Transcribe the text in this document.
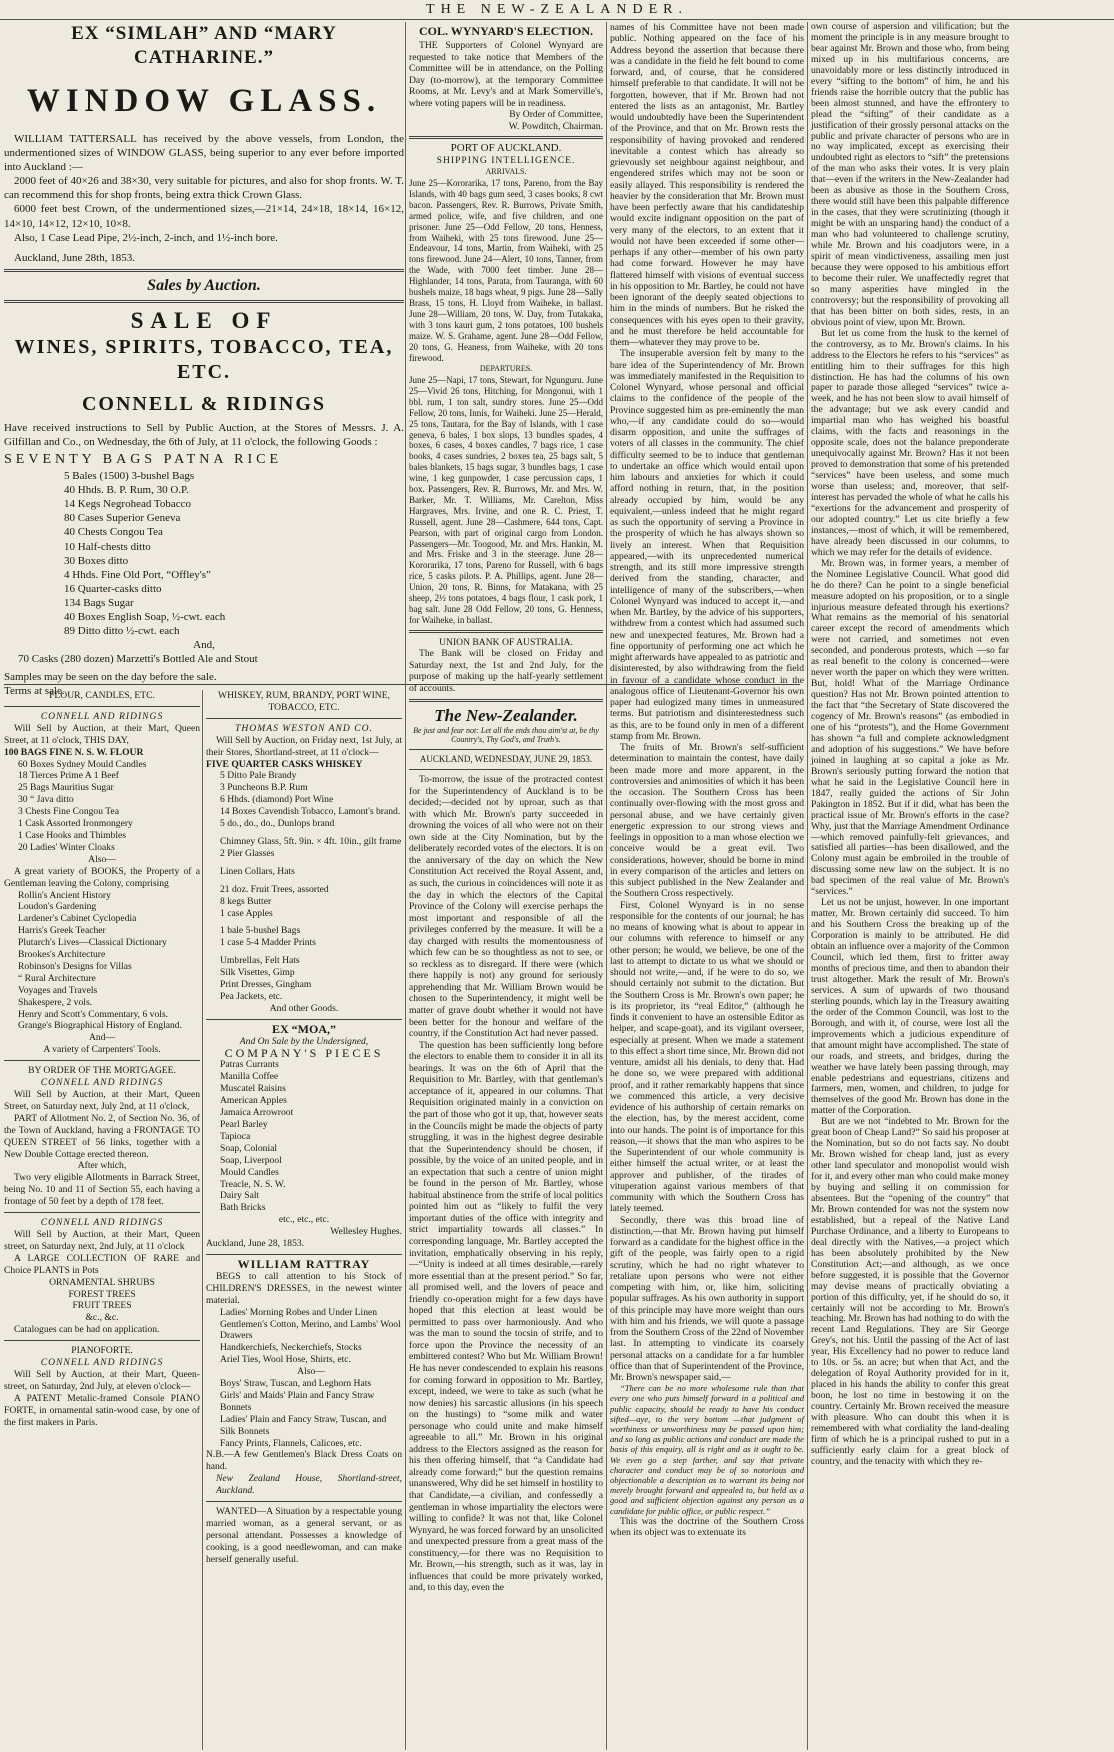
THE NEW-ZEALANDER.
EX “SIMLAH” AND “MARY CATHARINE.”
WINDOW GLASS.
WILLIAM TATTERSALL has received by the above vessels, from London, the undermentioned sizes of WINDOW GLASS, being superior to any ever before imported into Auckland :—
2000 feet of 40×26 and 38×30, very suitable for pictures, and also for shop fronts. W. T. can recommend this for shop fronts, being extra thick Crown Glass.
6000 feet best Crown, of the undermentioned sizes,—21×14, 24×18, 18×14, 16×12, 14×10, 14×12, 12×10, 10×8.
Also, 1 Case Lead Pipe, 2½-inch, 2-inch, and 1½-inch bore.
Auckland, June 28th, 1853.
Sales by Auction.
SALE OF
WINES, SPIRITS, TOBACCO, TEA, ETC.
CONNELL & RIDINGS
Have received instructions to Sell by Public Auction, at the Stores of Messrs. J. A. Gilfillan and Co., on Wednesday, the 6th of July, at 11 o'clock, the following Goods :
SEVENTY BAGS PATNA RICE
5 Bales (1500) 3-bushel Bags
40 Hhds. B. P. Rum, 30 O.P.
14 Kegs Negrohead Tobacco
80 Cases Superior Geneva
40 Chests Congou Tea
10 Half-chests ditto
30 Boxes ditto
4 Hhds. Fine Old Port, “Offley's”
16 Quarter-casks ditto
134 Bags Sugar
40 Boxes English Soap, ½-cwt. each
89 Ditto ditto ½-cwt. each
And,
70 Casks (280 dozen) Marzetti's Bottled Ale and Stout
Samples may be seen on the day before the sale.
Terms at sale.
FLOUR, CANDLES, ETC.
CONNELL AND RIDINGS
Will Sell by Auction, at their Mart, Queen Street, at 11 o'clock, THIS DAY,
100 BAGS FINE N. S. W. FLOUR
60 Boxes Sydney Mould Candles
18 Tierces Prime A 1 Beef
25 Bags Mauritius Sugar
30 “ Java ditto
3 Chests Fine Congou Tea
1 Cask Assorted Ironmongery
1 Case Hooks and Thimbles
20 Ladies' Winter Cloaks
Also—
A great variety of BOOKS, the Property of a Gentleman leaving the Colony, comprising
Rollin's Ancient History
Loudon's Gardening
Lardener's Cabinet Cyclopedia
Harris's Greek Teacher
Plutarch's Lives—Classical Dictionary
Brookes's Architecture
Robinson's Designs for Villas
“ Rural Architecture
Voyages and Travels
Shakespere, 2 vols.
Henry and Scott's Commentary, 6 vols.
Grange's Biographical History of England.
And—
A variety of Carpenters' Tools.
BY ORDER OF THE MORTGAGEE.
CONNELL AND RIDINGS
Will Sell by Auction, at their Mart, Queen Street, on Saturday next, July 2nd, at 11 o'clock,
PART of Allotment No. 2, of Section No. 36, of the Town of Auckland, having a FRONTAGE TO QUEEN STREET of 56 links, together with a New Double Cottage erected thereon.
After which,
Two very eligible Allotments in Barrack Street, being No. 10 and 11 of Section 55, each having a frontage of 50 feet by a depth of 178 feet.
CONNELL AND RIDINGS
Will Sell by Auction, at their Mart, Queen street, on Saturday next, 2nd July, at 11 o'clock
A LARGE COLLECTION OF RARE and Choice PLANTS in Pots
ORNAMENTAL SHRUBS
FOREST TREES
FRUIT TREES
&c., &c.
Catalogues can be had on application.
PIANOFORTE.
CONNELL AND RIDINGS
Will Sell by Auction, at their Mart, Queen-street, on Saturday, 2nd July, at eleven o'clock—
A PATENT Metalic-framed Console PIANO FORTE, in ornamental satin-wood case, by one of the first makers in Paris.
WHISKEY, RUM, BRANDY, PORT WINE, TOBACCO, ETC.
THOMAS WESTON AND CO.
Will Sell by Auction, on Friday next, 1st July, at their Stores, Shortland-street, at 11 o'clock—
FIVE QUARTER CASKS WHISKEY
5 Ditto Pale Brandy
3 Puncheons B.P. Rum
6 Hhds. (diamond) Port Wine
14 Boxes Cavendish Tobacco, Lamont's brand.
5 do., do., do., Dunlops brand
Chimney Glass, 5ft. 9in. × 4ft. 10in., gilt frame
2 Pier Glasses
Linen Collars, Hats
21 doz. Fruit Trees, assorted
8 kegs Butter
1 case Apples
1 bale 5-bushel Bags
1 case 5-4 Madder Prints
Umbrellas, Felt Hats
Silk Visettes, Gimp
Print Dresses, Gingham
Pea Jackets, etc.
And other Goods.
EX “MOA,”
And On Sale by the Undersigned,
COMPANY'S PIECES
Patras Currants
Manilla Coffee
Muscatel Raisins
American Apples
Jamaica Arrowroot
Pearl Barley
Tapioca
Soap, Colonial
Soap, Liverpool
Mould Candles
Treacle, N. S. W.
Dairy Salt
Bath Bricks
etc., etc., etc.
Wellesley Hughes.
Auckland, June 28, 1853.
WILLIAM RATTRAY
BEGS to call attention to his Stock of CHILDREN'S DRESSES, in the newest winter material.
Ladies' Morning Robes and Under Linen
Gentlemen's Cotton, Merino, and Lambs' Wool Drawers
Handkerchiefs, Neckerchiefs, Stocks
Ariel Ties, Wool Hose, Shirts, etc.
Also—
Boys' Straw, Tuscan, and Leghorn Hats
Girls' and Maids' Plain and Fancy Straw Bonnets
Ladies' Plain and Fancy Straw, Tuscan, and Silk Bonnets
Fancy Prints, Flannels, Calicoes, etc.
N.B.—A few Gentlemen's Black Dress Coats on hand.
New Zealand House, Shortland-street, Auckland.
WANTED—A Situation by a respectable young married woman, as a general servant, or as personal attendant. Possesses a knowledge of cooking, is a good needlewoman, and can make herself generally useful.
COL. WYNYARD'S ELECTION.
THE Supporters of Colonel Wynyard are requested to take notice that Members of the Committee will be in attendance, on the Polling Day (to-morrow), at the temporary Committee Rooms, at Mr. Levy's and at Mark Somerville's, where voting papers will be in readiness.
By Order of Committee,
W. Powditch, Chairman.
PORT OF AUCKLAND.
SHIPPING INTELLIGENCE.
ARRIVALS.
June 25—Kororarika, 17 tons, Pareno, from the Bay Islands, with 40 bags gum seed, 3 cases books, 8 cwt bacon. Passengers, Rev. R. Burrows, Private Smith, armed police, wife, and five children, and one prisoner. June 25—Odd Fellow, 20 tons, Henness, from Waiheki, with 25 tons firewood. June 25—Endeavour, 14 tons, Martin, from Waiheki, with 25 tons firewood. June 24—Alert, 10 tons, Tanner, from the Wade, with 7000 feet timber. June 28—Highlander, 14 tons, Parata, from Tauranga, with 60 bushels maize, 18 bags wheat, 9 pigs. June 28—Sally Brass, 15 tons, H. Lloyd from Waiheke, in ballast. June 28—William, 20 tons, W. Day, from Tutakaka, with 3 tons kauri gum, 2 tons potatoes, 100 bushels maize. W. S. Grahame, agent. June 28—Odd Fellow, 20 tons, G. Heaness, from Waiheke, with 20 tons firewood.
DEPARTURES.
June 25—Napi, 17 tons, Stewart, for Ngunguru. June 25—Vivid 26 tons, Hitching, for Mongonui, with 1 bbl. rum, 1 ton salt, sundry stores. June 25—Odd Fellow, 20 tons, Innis, for Waiheki. June 25—Herald, 25 tons, Tautara, for the Bay of Islands, with 1 case geneva, 6 bales, 1 box slops, 13 bundles spades, 4 boxes, 6 cases, 4 boxes candles, 7 bags rice, 1 case books, 4 cases sundries, 2 boxes tea, 25 bags salt, 5 bales blankets, 15 bags sugar, 3 bundles bags, 1 case wine, 1 keg gunpowder, 1 case percussion caps, 1 box. Passengers, Rev. R. Burrows, Mr. and Mrs. W. Barker, Mr. T. Williams, Mr. Carelton, Miss Hargraves, Mrs. Irvine, and one R. C. Priest, T. Russell, agent. June 28—Cashmere, 644 tons, Capt. Pearson, with part of original cargo from London. Passengers—Mr. Toogood, Mr. and Mrs. Hankin, M. and Mrs. Friske and 3 in the steerage. June 28—Kororarika, 17 tons, Pareno for Russell, with 6 bags rice, 5 casks pilots. P. A. Phillips, agent. June 28—Union, 20 tons, R. Binns, for Matakana, with 25 sheep, 2½ tons potatoes, 4 bags flour, 1 cask pork, 1 bag salt. June 28 Odd Fellow, 20 tons, G. Henness, for Waiheke, in ballast.
UNION BANK OF AUSTRALIA.
The Bank will be closed on Friday and Saturday next, the 1st and 2nd July, for the purpose of making up the half-yearly settlement of accounts.
The New-Zealander.
Be just and fear not: Let all the ends thou aim'st at, be thy Country's, Thy God's, and Truth's.
AUCKLAND, WEDNESDAY, JUNE 29, 1853.
To-morrow, the issue of the protracted contest for the Superintendency of Auckland is to be decided;—decided not by uproar, such as that with which Mr. Brown's party succeeded in drowning the voices of all who were not on their own side at the City Nomination, but by the deliberately recorded votes of the electors. It is on the anniversary of the day on which the New Constitution Act received the Royal Assent, and, as such, the curious in coincidences will note it as the day in which the electors of the Capital Province of the Colony will exercise perhaps the most important and responsible of all the privileges conferred by the measure. It will be a day charged with results the momentousness of which few can be so thoughtless as not to see, or so reckless as to disregard. If there were (which there happily is not) any ground for seriously apprehending that Mr. William Brown would be chosen to the Superintendency, it might well be matter of grave doubt whether it would not have been better for the honour and welfare of the country, if the Constitution Act had never passed.
The question has been sufficiently long before the electors to enable them to consider it in all its bearings. It was on the 6th of April that the Requisition to Mr. Bartley, with that gentleman's acceptance of it, appeared in our columns. That Requisition originated mainly in a conviction on the part of those who got it up, that, however seats in the Councils might be made the objects of party struggling, it was in the highest degree desirable that the Superintendency should be chosen, if possible, by the voice of an united people, and in an expectation that such a centre of union might be found in the person of Mr. Bartley, whose habitual abstinence from the strife of local politics pointed him out as “likely to fulfil the very important duties of the office with integrity and strict impartiality towards all classes.” In corresponding language, Mr. Bartley accepted the invitation, emphatically observing in his reply,—“Unity is indeed at all times desirable,—rarely more essential than at the present period.” So far, all promised well, and the lovers of peace and friendly co-operation might for a few days have hoped that this election at least would be permitted to pass over harmoniously. And who was the man to sound the tocsin of strife, and to force upon the Province the necessity of an embittered contest? Who but Mr. William Brown! He has never condescended to explain his reasons for coming forward in opposition to Mr. Bartley, except, indeed, we were to take as such (what he now denies) his sarcastic allusions (in his speech on the hustings) to “some milk and water personage who could unite and make himself agreeable to all.” Mr. Brown in his original address to the Electors assigned as the reason for his then offering himself, that “a Candidate had already come forward;” but the question remains unanswered, Why did he set himself in hostility to that Candidate,—a civilian, and confessedly a gentleman in whose impartiality the electors were willing to confide? It was not that, like Colonel Wynyard, he was forced forward by an unsolicited and unexpected pressure from a great mass of the constituency,—for there was no Requisition to Mr. Brown,—his strength, such as it was, lay in influences that could be more privately worked, and, to this day, even the
names of his Committee have not been made public. Nothing appeared on the face of his Address beyond the assertion that because there was a candidate in the field he felt bound to come forward, and, of course, that he considered himself preferable to that candidate. It will not be forgotten, however, that if Mr. Brown had not entered the lists as an antagonist, Mr. Bartley would undoubtedly have been the Superintendent of the Province, and that on Mr. Brown rests the responsibility of having provoked and rendered inevitable a contest which has already so grievously set neighbour against neighbour, and engendered strifes which may not be soon or easily allayed. This responsibility is rendered the heavier by the consideration that Mr. Brown must have been perfectly aware that his candidateship would excite indignant opposition on the part of very many of the electors, to an extent that it would not have been exceeded if some other—perhaps if any other—member of his own party had come forward. However he may have flattered himself with visions of eventual success in his opposition to Mr. Bartley, he could not have been ignorant of the deeply seated objections to him in the minds of numbers. But he risked the consequences with his eyes open to their gravity, and he must therefore be held accountable for them—whatever they may prove to be.
The insuperable aversion felt by many to the bare idea of the Superintendency of Mr. Brown was immediately manifested in the Requisition to Colonel Wynyard, whose personal and official claims to the confidence of the people of the Province suggested him as pre-eminently the man who,—if any candidate could do so—would disarm opposition, and unite the suffrages of voters of all classes in the community. The chief difficulty seemed to be to induce that gentleman to undertake an office which would entail upon him labours and anxieties for which it could afford nothing in return, that, in the position already occupied by him, would be any equivalent,—unless indeed that he might regard as such the opportunity of serving a Province in the prosperity of which he has always shown so lively an interest. When that Requisition appeared,—with its unprecedented numerical strength, and its still more impressive strength derived from the standing, character, and intelligence of many of the subscribers,—when Colonel Wynyard was induced to accept it,—and when Mr. Bartley, by the advice of his supporters, withdrew from a contest which had assumed such new and unexpected features, Mr. Brown had a fine opportunity of performing one act which he might afterwards have appealed to as patriotic and disinterested, by also withdrawing from the field in favour of a candidate whose conduct in the analogous office of Lieutenant-Governor his own paper had eulogized many times in unmeasured terms. But patriotism and disinterestedness such as this, are to be found only in men of a different stamp from Mr. Brown.
The fruits of Mr. Brown's self-sufficient determination to maintain the contest, have daily been made more and more apparent, in the controversies and animosities of which it has been the occasion. The Southern Cross has been continually over-flowing with the most gross and personal abuse, and we have certainly given energetic expression to our strong views and feelings in opposition to a man whose election we conceive would be a great evil. Two considerations, however, should be borne in mind in every comparison of the articles and letters on this subject published in the New Zealander and the Southern Cross respectively.
First, Colonel Wynyard is in no sense responsible for the contents of our journal; he has no means of knowing what is about to appear in our columns with reference to himself or any other person; he would, we believe, be one of the last to attempt to dictate to us what we should or should not write,—and, if he were to do so, we should certainly not submit to the dictation. But the Southern Cross is Mr. Brown's own paper; he is its proprietor, its “real Editor,” (although he finds it convenient to have an ostensible Editor as helper, and scape-goat), and its vigilant overseer, especially at present. When we made a statement to this effect a short time since, Mr. Brown did not venture, amidst all his denials, to deny that. Had he done so, we were prepared with additional proof, and it rather remarkably happens that since we commenced this article, a very decisive evidence of his authorship of certain remarks on the election, has, by the merest accident, come into our hands. The point is of importance for this reason,—it shows that the man who aspires to be the Superintendent of our whole community is either himself the actual writer, or at least the approver and publisher, of the tirades of vituperation against various members of that community with which the Southern Cross has lately teemed.
Secondly, there was this broad line of distinction,—that Mr. Brown having put himself forward as a candidate for the highest office in the gift of the people, was fairly open to a rigid scrutiny, which he had no right whatever to retaliate upon persons who were not either competing with him, or, like him, soliciting popular suffrages. As his own authority in support of this principle may have more weight than ours with him and his friends, we will quote a passage from the Southern Cross of the 22nd of November last. In attempting to vindicate its coarsely personal attacks on a candidate for a far humbler office than that of Superintendent of the Province, Mr. Brown's newspaper said,—
“There can be no more wholesome rule than that every one who puts himself forward in a political and public capacity, should be ready to have his conduct sifted—aye, to the very bottom —that judgment of worthiness or unworthiness may be passed upon him; and so long as public actions and conduct are made the basis of this enquiry, all is right and as it ought to be. We even go a step farther, and say that private character and conduct may be of so notorious and objectionable a description as to warrant its being not merely brought forward and appealed to, but held as a good and sufficient objection against any person as a candidate for public office, or public respect.”
This was the doctrine of the Southern Cross when its object was to extenuate its
own course of aspersion and vilification; but the moment the principle is in any measure brought to bear against Mr. Brown and those who, from being mixed up in his multifarious concerns, are unavoidably more or less distinctly introduced in every “sifting to the bottom” of him, he and his friends raise the horrible outcry that the public has been almost stunned, and have the effrontery to plead the “sifting” of their candidate as a justification of their grossly personal attacks on the public and private character of persons who are in no way implicated, except as exercising their undoubted right as electors to “sift” the pretensions of the man who asks their votes. It is very plain that—even if the writers in the New-Zealander had been as abusive as those in the Southern Cross, there would still have been this palpable difference in the cases, that they were scrutinizing (though it might be with an unsparing hand) the conduct of a man who had volunteered to challenge scrutiny, while Mr. Brown and his coadjutors were, in a spirit of mean vindictiveness, assailing men just because they were opposed to his ambitious effort to become their ruler. We unaffectedly regret that so many asperities have mingled in the controversy; but the responsibility of provoking all that has been bitter on both sides, rests, in an obvious point of view, upon Mr. Brown.
But let us come from the husk to the kernel of the controversy, as to Mr. Brown's claims. In his address to the Electors he refers to his “services” as entitling him to their suffrages for this high distinction. He has had the columns of his own paper to parade those alleged “services” twice a-week, and he has not been slow to avail himself of the advantage; but we ask every candid and impartial man who has weighed his boastful claims, with the facts and reasonings in the opposite scale, does not the balance preponderate unequivocally against Mr. Brown? Has it not been proved to demonstration that some of his pretended “services” have been useless, and some much worse than useless; and, moreover, that self-interest has pervaded the whole of what he calls his “exertions for the advancement and prosperity of our adopted country.” Let us cite briefly a few instances,—most of which, it will be remembered, have already been discussed in our columns, to which we may refer for the details of evidence.
Mr. Brown was, in former years, a member of the Nominee Legislative Council. What good did he do there? Can he point to a single beneficial measure adopted on his proposition, or to a single injurious measure defeated through his exertions? What remains as the memorial of his senatorial career except the record of amendments which were not carried, and sometimes not even seconded, and ponderous protests, which —so far as real benefit to the colony is concerned—were never worth the paper on which they were written. But, hold! What of the Marriage Ordinance question? Has not Mr. Brown pointed attention to the fact that “the Secretary of State discovered the cogency of Mr. Brown's reasons” (as embodied in one of his “protests”), and the Home Government has shown “a full and complete acknowledgment and adoption of his suggestions.” We have before joined in laughing at so capital a joke as Mr. Brown's seriously putting forward the notion that what he said in the Legislative Council here in 1847, really guided the actions of Sir John Pakington in 1852. But if it did, what has been the practical issue of Mr. Brown's efforts in the case? Why, just that the Marriage Amendment Ordinance—which removed painfully-felt grievances, and satisfied all parties—has been disallowed, and the Colony must again be embroiled in the trouble of discussing some new law on the subject. It is no bad specimen of the real value of Mr. Brown's “services.”
Let us not be unjust, however. In one important matter, Mr. Brown certainly did succeed. To him and his Southern Cross the breaking up of the Corporation is mainly to be attributed. He did obtain an influence over a majority of the Common Council, which led them, first to fritter away months of precious time, and then to abandon their trust altogether. Mark the result of Mr. Brown's services. A sum of upwards of two thousand sterling pounds, which lay in the Treasury awaiting the order of the Common Council, was lost to the Borough, and with it, of course, were lost all the improvements which a judicious expenditure of that amount might have accomplished. The state of our roads, and streets, and bridges, during the weather we have lately been passing through, may enable pedestrians and equestrians, citizens and farmers, men, women, and children, to judge for themselves of the good Mr. Brown has done in the matter of the Corporation.
But are we not “indebted to Mr. Brown for the great boon of Cheap Land?” So said his proposer at the Nomination, but so do not facts say. No doubt Mr. Brown wished for cheap land, just as every other land speculator and monopolist would wish for it, and every other man who could make money by buying and selling it on commission for absentees. But the “opening of the country” that Mr. Brown contended for was not the system now established, but a repeal of the Native Land Purchase Ordinance, and a liberty to Europeans to deal directly with the Natives,—a project which has been absolutely prohibited by the New Constitution Act;—and although, as we once before suggested, it is possible that the Governor may devise means of practically obviating a portion of this difficulty, yet, if he should do so, it certainly will not be according to Mr. Brown's teaching. Mr. Brown has had nothing to do with the recent Land Regulations. They are Sir George Grey's, not his. Until the passing of the Act of last year, His Excellency had no power to reduce land to 10s. or 5s. an acre; but when that Act, and the delegation of Royal Authority provided for in it, placed in his hands the ability to confer this great boon, he lost no time in bestowing it on the country. Certainly Mr. Brown received the measure with pleasure. Who can doubt this when it is remembered with what cordiality the land-dealing firm of which he is a principal rushed to put in a sufficiently early claim for a great block of country, and the tenacity with which they re-
